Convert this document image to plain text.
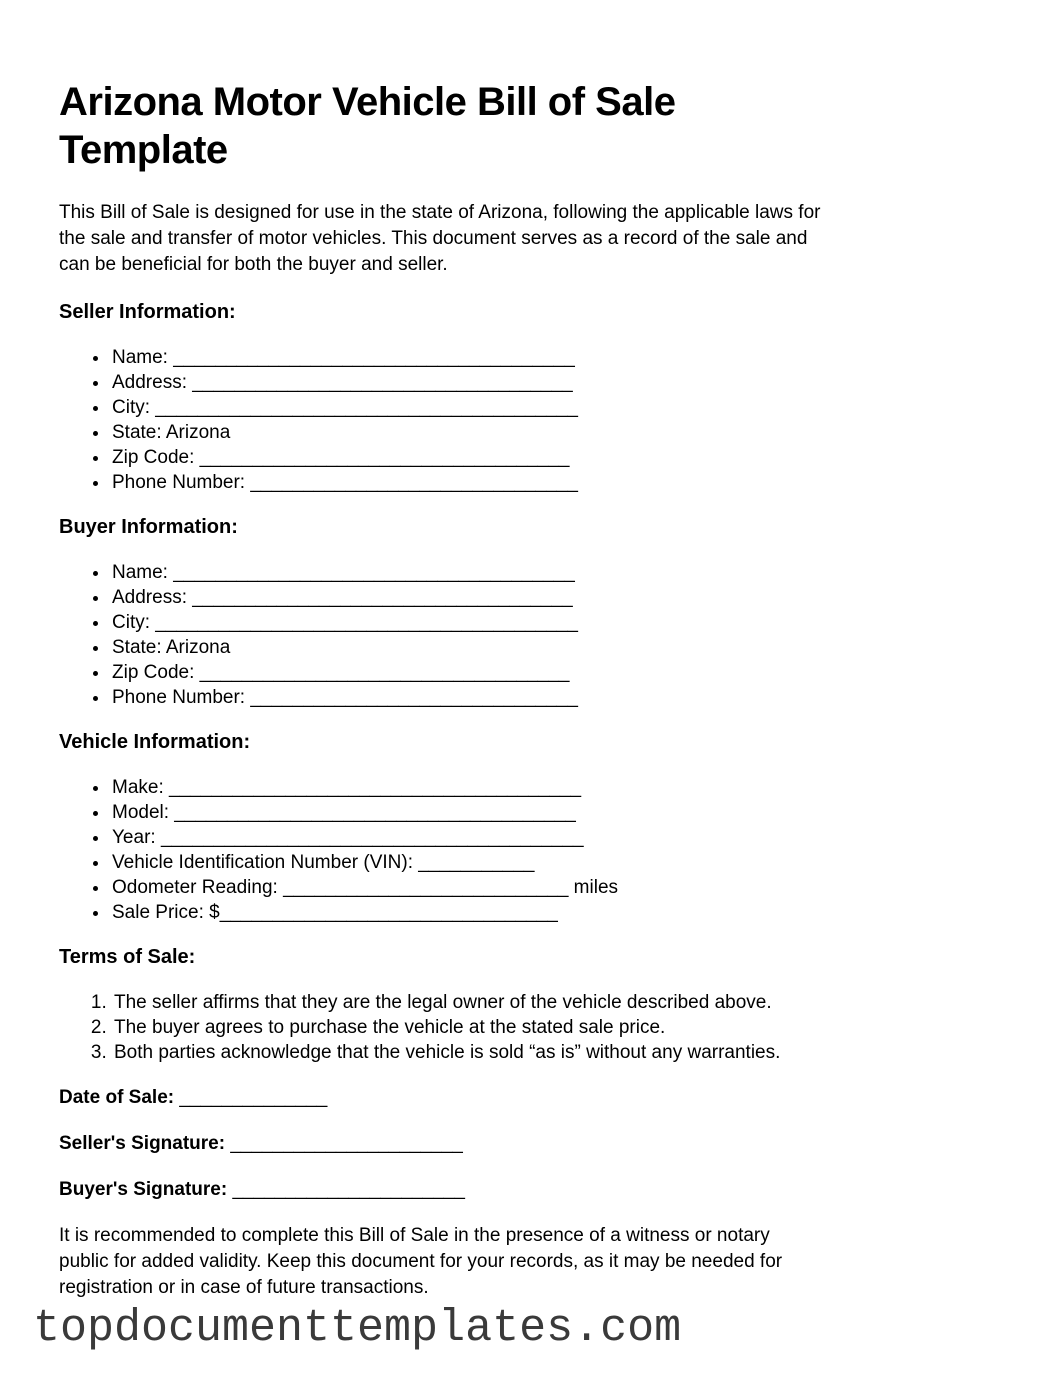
Arizona Motor Vehicle Bill of Sale
Template

This Bill of Sale is designed for use in the state of Arizona, following the applicable laws for
the sale and transfer of motor vehicles. This document serves as a record of the sale and
can be beneficial for both the buyer and seller.

Seller Information:
• Name: ______________________________________
• Address: ____________________________________
• City: ________________________________________
• State: Arizona
• Zip Code: ___________________________________
• Phone Number: _______________________________
Buyer Information:
• Name: ______________________________________
• Address: ____________________________________
• City: ________________________________________
• State: Arizona
• Zip Code: ___________________________________
• Phone Number: _______________________________
Vehicle Information:
• Make: _______________________________________
• Model: ______________________________________
• Year: ________________________________________
• Vehicle Identification Number (VIN): ___________
• Odometer Reading: ___________________________ miles
• Sale Price: $________________________________
Terms of Sale:
1. The seller affirms that they are the legal owner of the vehicle described above.
2. The buyer agrees to purchase the vehicle at the stated sale price.
3. Both parties acknowledge that the vehicle is sold “as is” without any warranties.

Date of Sale: ______________

Seller's Signature: ______________________

Buyer's Signature: ______________________

It is recommended to complete this Bill of Sale in the presence of a witness or notary
public for added validity. Keep this document for your records, as it may be needed for
registration or in case of future transactions.

topdocumenttemplates.com
